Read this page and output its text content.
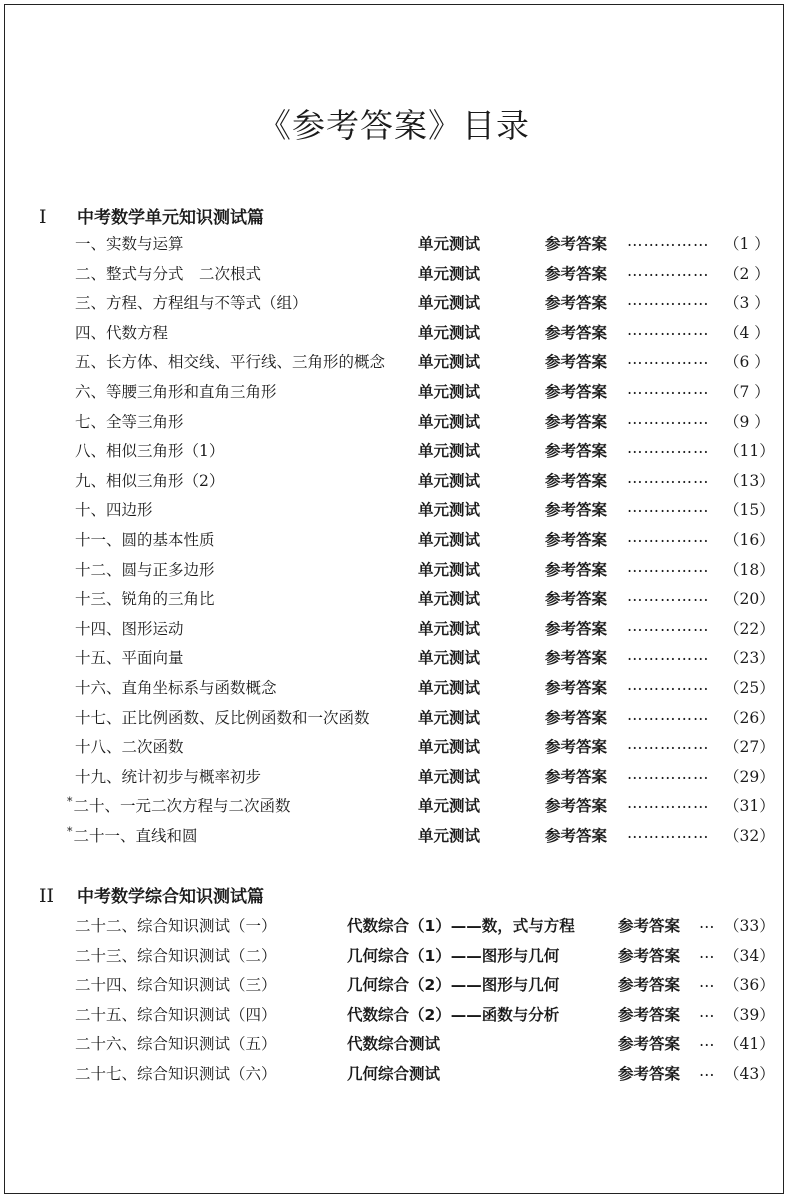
《参考答案》目录
I 中考数学单元知识测试篇
一、实数与运算	单元测试	参考答案 …………… （1 ）
二、整式与分式　二次根式	单元测试	参考答案 …………… （2 ）
三、方程、方程组与不等式（组）	单元测试	参考答案 …………… （3 ）
四、代数方程	单元测试	参考答案 …………… （4 ）
五、长方体、相交线、平行线、三角形的概念 单元测试	参考答案 …………… （6 ）
六、等腰三角形和直角三角形	单元测试	参考答案 …………… （7 ）
七、全等三角形	单元测试	参考答案 …………… （9 ）
八、相似三角形（1）	单元测试	参考答案 …………… （11）
九、相似三角形（2）	单元测试	参考答案 …………… （13）
十、四边形	单元测试	参考答案 …………… （15）
十一、圆的基本性质	单元测试	参考答案 …………… （16）
十二、圆与正多边形	单元测试	参考答案 …………… （18）
十三、锐角的三角比	单元测试	参考答案 …………… （20）
十四、图形运动	单元测试	参考答案 …………… （22）
十五、平面向量	单元测试	参考答案 …………… （23）
十六、直角坐标系与函数概念	单元测试	参考答案 …………… （25）
十七、正比例函数、反比例函数和一次函数	单元测试	参考答案 …………… （26）
十八、二次函数	单元测试	参考答案 …………… （27）
十九、统计初步与概率初步	单元测试	参考答案 …………… （29）
*二十、一元二次方程与二次函数	单元测试	参考答案 …………… （31）
*二十一、直线和圆	单元测试	参考答案 …………… （32）
II 中考数学综合知识测试篇
二十二、综合知识测试（一）	代数综合（1）——数，式与方程	参考答案 … （33）
二十三、综合知识测试（二）	几何综合（1）——图形与几何	参考答案 … （34）
二十四、综合知识测试（三）	几何综合（2）——图形与几何	参考答案 … （36）
二十五、综合知识测试（四）	代数综合（2）——函数与分析	参考答案 … （39）
二十六、综合知识测试（五）	代数综合测试	参考答案 … （41）
二十七、综合知识测试（六）	几何综合测试	参考答案 … （43）
